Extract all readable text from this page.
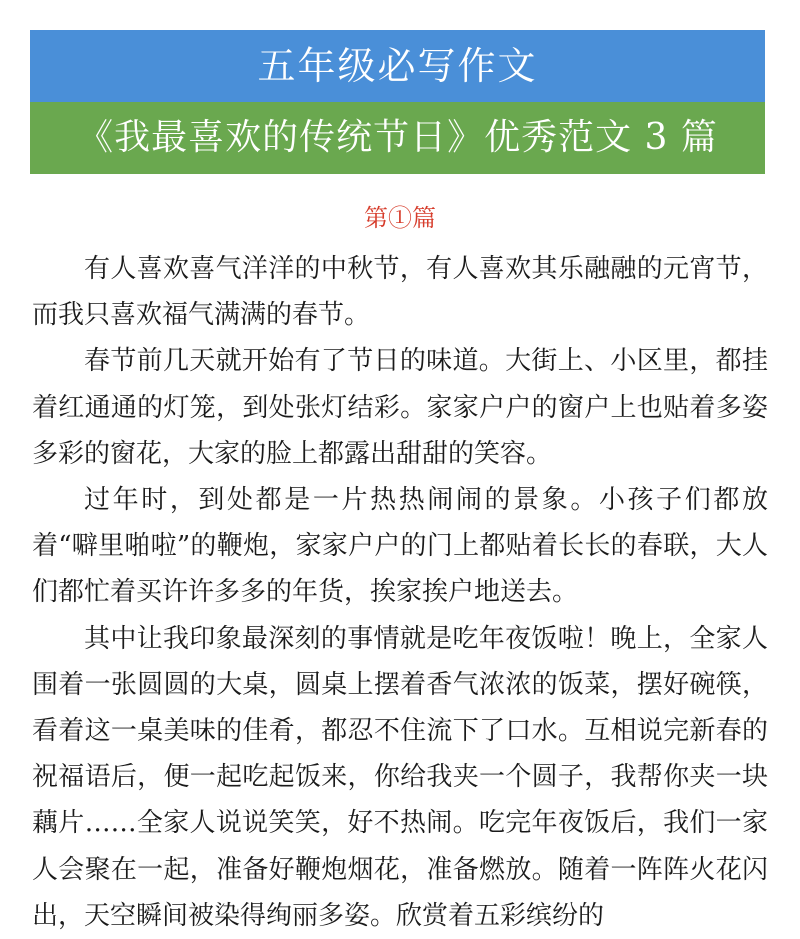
五年级必写作文
《我最喜欢的传统节日》优秀范文 3 篇
第①篇

有人喜欢喜气洋洋的中秋节，有人喜欢其乐融融的元宵节，而我只喜欢福气满满的春节。

春节前几天就开始有了节日的味道。大街上、小区里，都挂着红通通的灯笼，到处张灯结彩。家家户户的窗户上也贴着多姿多彩的窗花，大家的脸上都露出甜甜的笑容。

过年时，到处都是一片热热闹闹的景象。小孩子们都放着“噼里啪啦”的鞭炮，家家户户的门上都贴着长长的春联，大人们都忙着买许许多多的年货，挨家挨户地送去。

其中让我印象最深刻的事情就是吃年夜饭啦！晚上，全家人围着一张圆圆的大桌，圆桌上摆着香气浓浓的饭菜，摆好碗筷，看着这一桌美味的佳肴，都忍不住流下了口水。互相说完新春的祝福语后，便一起吃起饭来，你给我夹一个圆子，我帮你夹一块藕片……全家人说说笑笑，好不热闹。吃完年夜饭后，我们一家人会聚在一起，准备好鞭炮烟花，准备燃放。随着一阵阵火花闪出，天空瞬间被染得绚丽多姿。欣赏着五彩缤纷的
